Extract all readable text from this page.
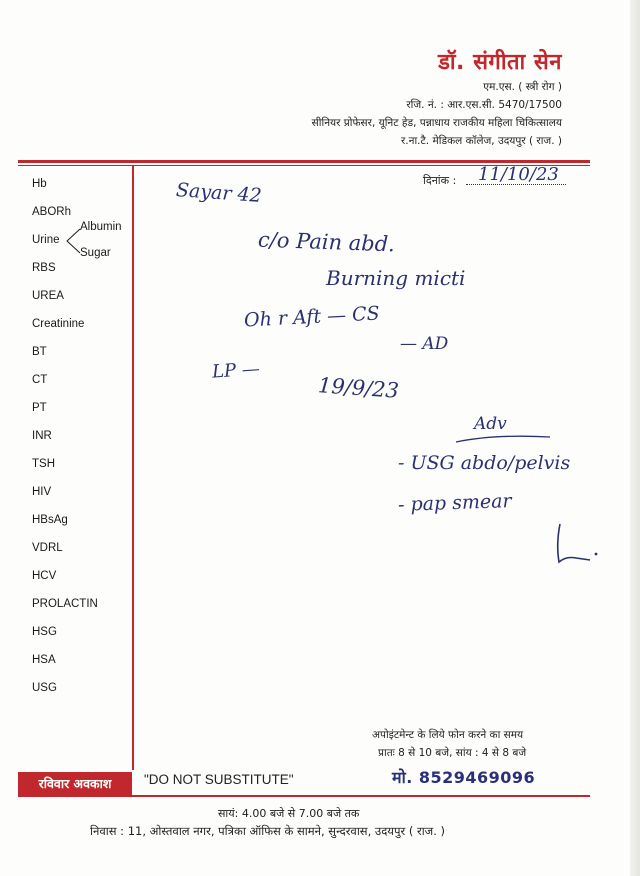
डॉ. संगीता सेन
एम.एस. ( स्त्री रोग )
रजि. नं. : आर.एस.सी. 5470/17500
सीनियर प्रोफेसर, यूनिट हेड, पन्नाधाय राजकीय महिला चिकित्सालय
र.ना.टै. मेडिकल कॉलेज, उदयपुर ( राज. )
दिनांक : 11/10/23
Hb
ABORh
Urine
Albumin
Sugar
RBS
UREA
Creatinine
BT
CT
PT
INR
TSH
HIV
HBsAg
VDRL
HCV
PROLACTIN
HSG
HSA
USG
Sayar 42
c/o Pain abd.
Burning micti
Oh r Aft — CS
— AD
LP —
19/9/23
Adv
- USG abdo/pelvis
- pap smear
अपोइंटमेन्ट के लिये फोन करने का समय
प्रातः 8 से 10 बजे, सांय : 4 से 8 बजे
मो. 8529469096
रविवार अवकाश	"DO NOT SUBSTITUTE"
सायं: 4.00 बजे से 7.00 बजे तक
निवास : 11, ओस्तवाल नगर, पत्रिका ऑफिस के सामने, सुन्दरवास, उदयपुर ( राज. )
